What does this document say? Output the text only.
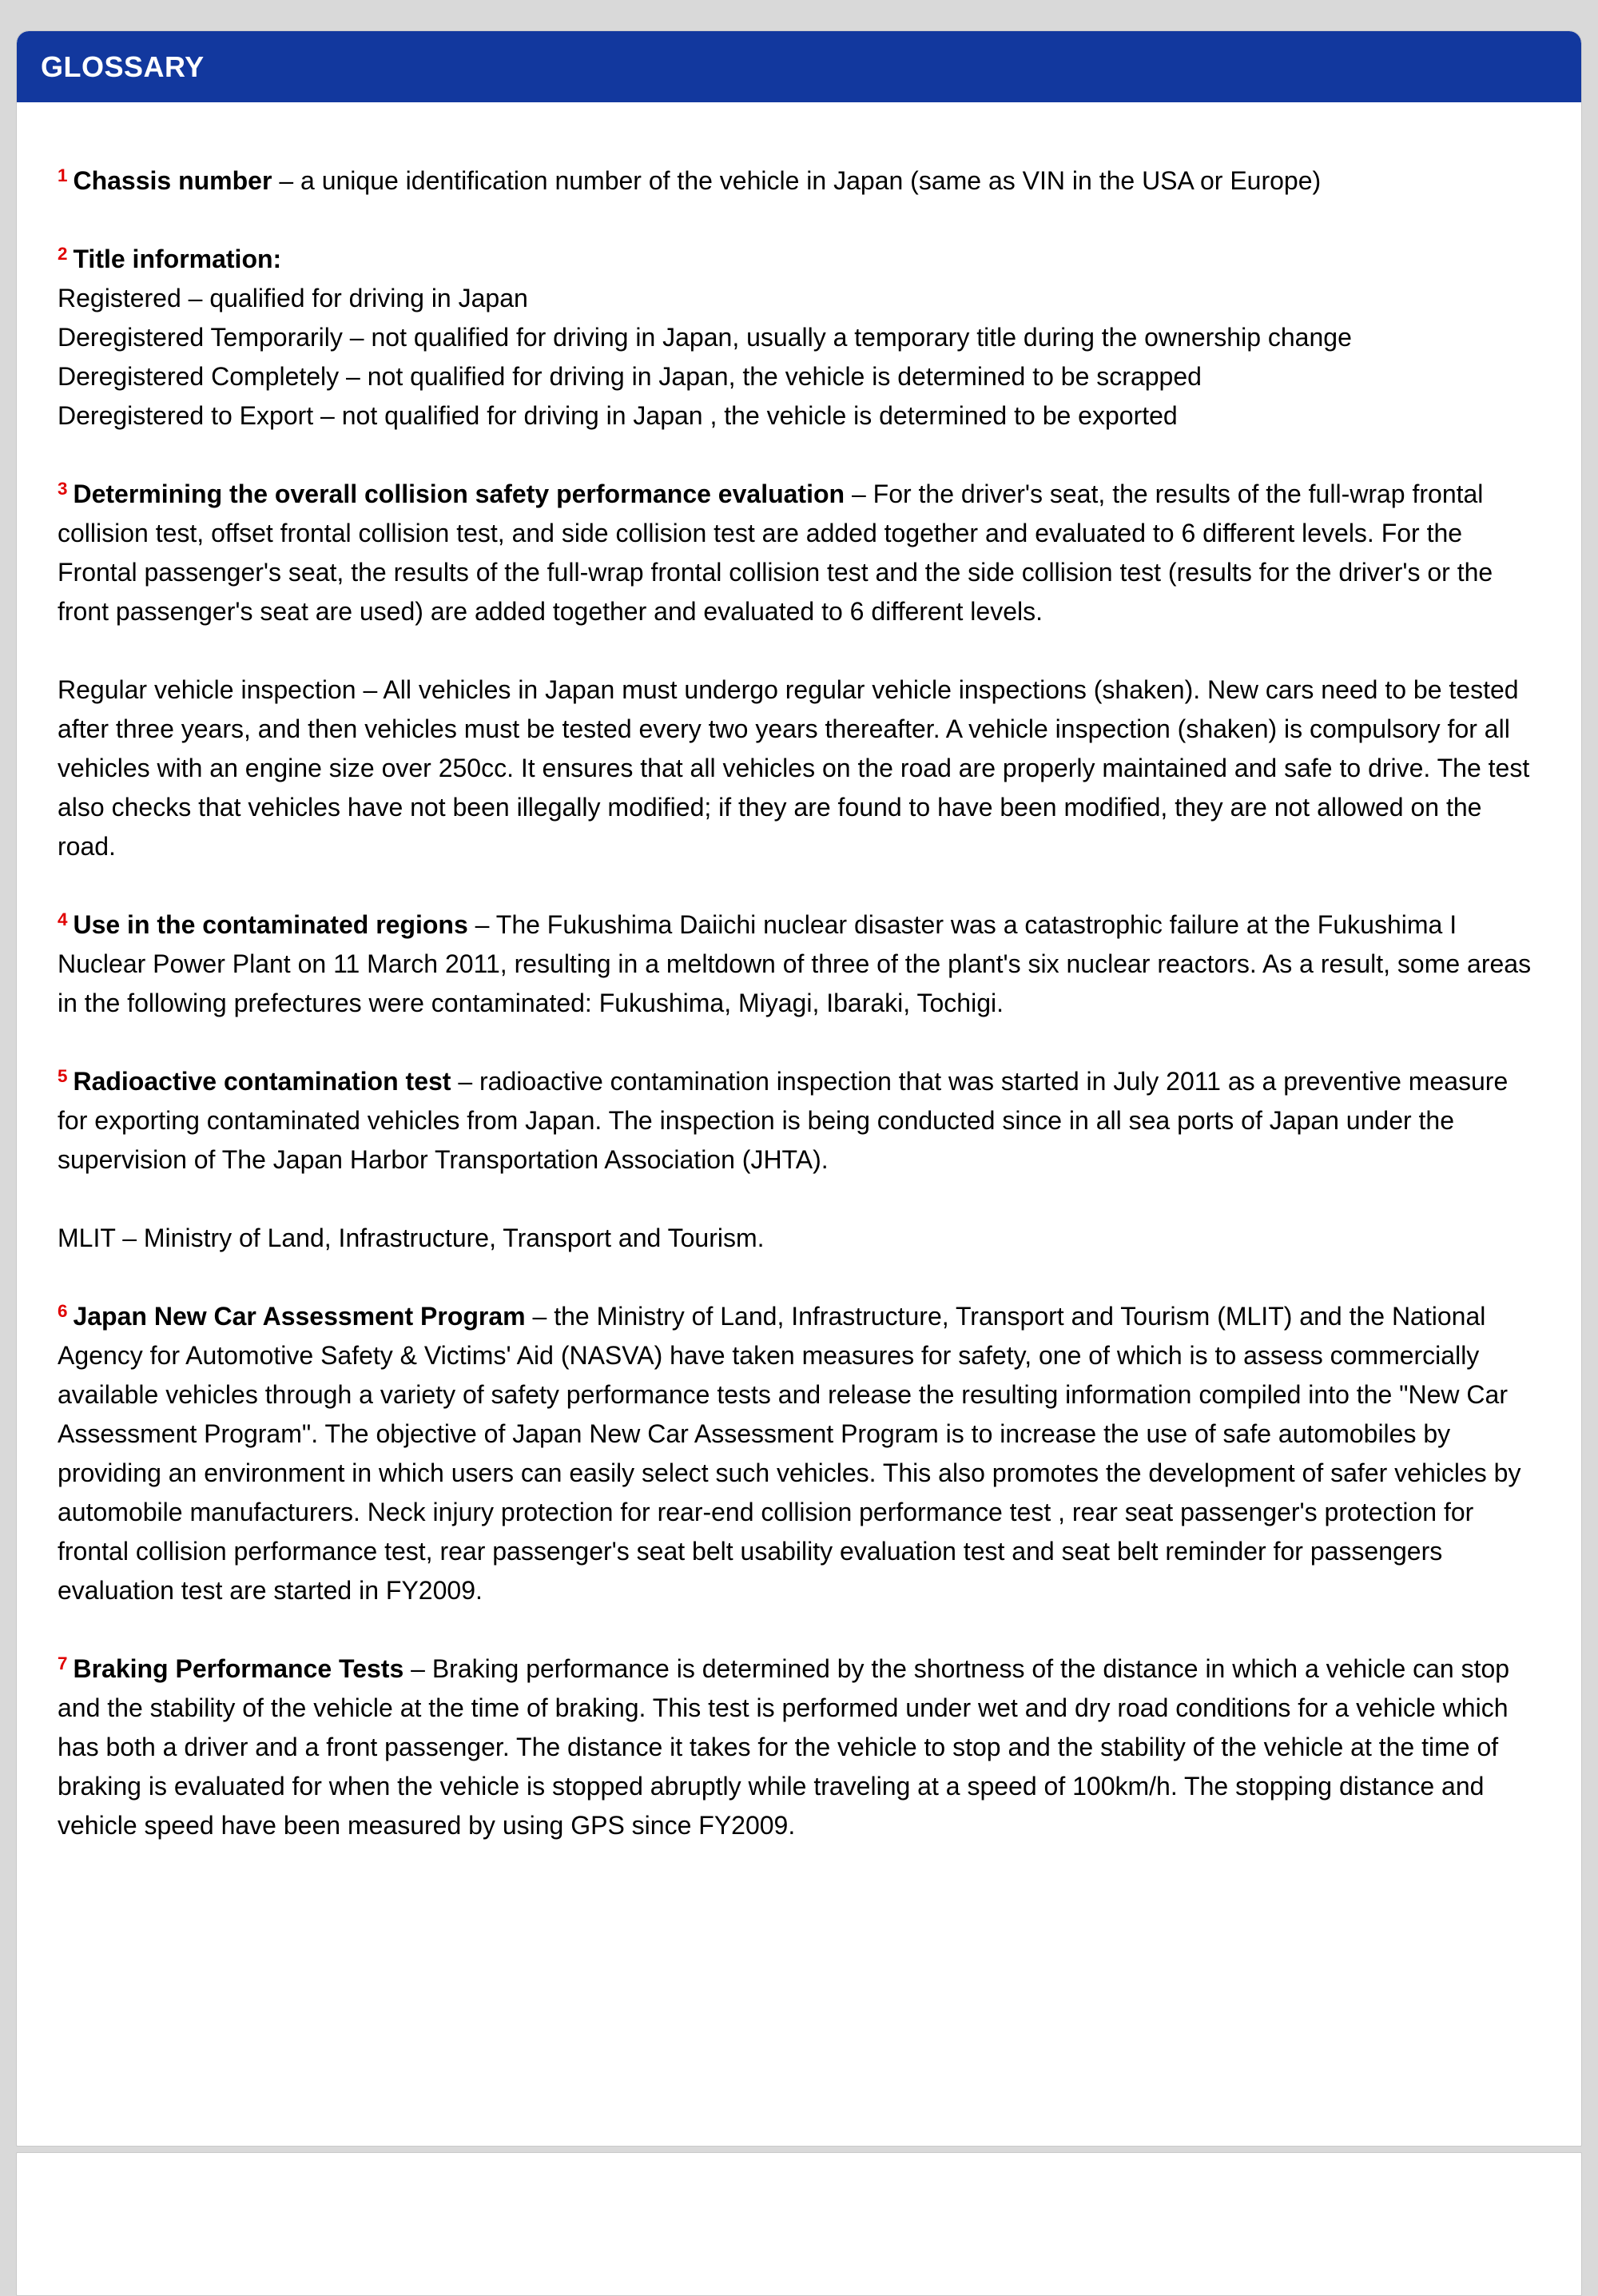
GLOSSARY

$^1$ Chassis number – a unique identification number of the vehicle in Japan (same as VIN in the USA or Europe)

$^2$ Title information:
Registered – qualified for driving in Japan
Deregistered Temporarily – not qualified for driving in Japan, usually a temporary title during the ownership change
Deregistered Completely – not qualified for driving in Japan, the vehicle is determined to be scrapped
Deregistered to Export – not qualified for driving in Japan , the vehicle is determined to be exported

$^3$ Determining the overall collision safety performance evaluation – For the driver's seat, the results of the full-wrap frontal collision test, offset frontal collision test, and side collision test are added together and evaluated to 6 different levels. For the Frontal passenger's seat, the results of the full-wrap frontal collision test and the side collision test (results for the driver's or the front passenger's seat are used) are added together and evaluated to 6 different levels.

Regular vehicle inspection – All vehicles in Japan must undergo regular vehicle inspections (shaken). New cars need to be tested after three years, and then vehicles must be tested every two years thereafter. A vehicle inspection (shaken) is compulsory for all vehicles with an engine size over 250cc. It ensures that all vehicles on the road are properly maintained and safe to drive. The test also checks that vehicles have not been illegally modified; if they are found to have been modified, they are not allowed on the road.

$^4$ Use in the contaminated regions – The Fukushima Daiichi nuclear disaster was a catastrophic failure at the Fukushima I Nuclear Power Plant on 11 March 2011, resulting in a meltdown of three of the plant's six nuclear reactors. As a result, some areas in the following prefectures were contaminated: Fukushima, Miyagi, Ibaraki, Tochigi.

$^5$ Radioactive contamination test – radioactive contamination inspection that was started in July 2011 as a preventive measure for exporting contaminated vehicles from Japan. The inspection is being conducted since in all sea ports of Japan under the supervision of The Japan Harbor Transportation Association (JHTA).

MLIT – Ministry of Land, Infrastructure, Transport and Tourism.

$^6$ Japan New Car Assessment Program – the Ministry of Land, Infrastructure, Transport and Tourism (MLIT) and the National Agency for Automotive Safety & Victims' Aid (NASVA) have taken measures for safety, one of which is to assess commercially available vehicles through a variety of safety performance tests and release the resulting information compiled into the "New Car Assessment Program". The objective of Japan New Car Assessment Program is to increase the use of safe automobiles by providing an environment in which users can easily select such vehicles. This also promotes the development of safer vehicles by automobile manufacturers. Neck injury protection for rear-end collision performance test , rear seat passenger's protection for frontal collision performance test, rear passenger's seat belt usability evaluation test and seat belt reminder for passengers evaluation test are started in FY2009.

$^7$ Braking Performance Tests – Braking performance is determined by the shortness of the distance in which a vehicle can stop and the stability of the vehicle at the time of braking. This test is performed under wet and dry road conditions for a vehicle which has both a driver and a front passenger. The distance it takes for the vehicle to stop and the stability of the vehicle at the time of braking is evaluated for when the vehicle is stopped abruptly while traveling at a speed of 100km/h. The stopping distance and vehicle speed have been measured by using GPS since FY2009.
